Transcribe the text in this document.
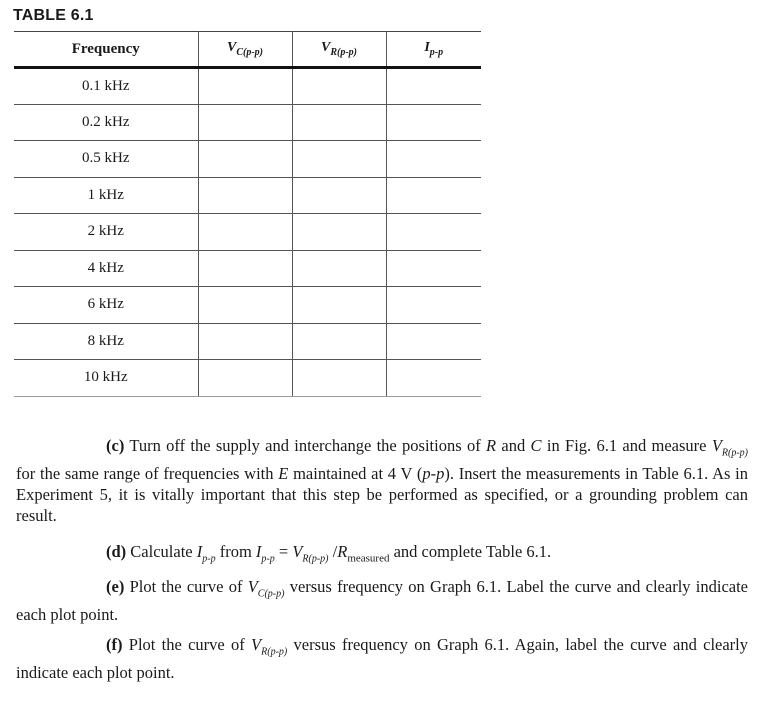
TABLE 6.1
Frequency	$V_{C(p-p)}$	$V_{R(p-p)}$	$I_{p-p}$
0.1 kHz			
0.2 kHz			
0.5 kHz			
1 kHz			
2 kHz			
4 kHz			
6 kHz			
8 kHz			
10 kHz			

(c) Turn off the supply and interchange the positions of R and C in Fig. 6.1 and measure $V_{R(p-p)}$ for the same range of frequencies with E maintained at 4 V (p-p). Insert the measurements in Table 6.1. As in Experiment 5, it is vitally important that this step be performed as specified, or a grounding problem can result.

(d) Calculate $I_{p-p}$ from $I_{p-p} = V_{R(p-p)}$ $/R_{measured}$ and complete Table 6.1.

(e) Plot the curve of $V_{C(p-p)}$ versus frequency on Graph 6.1. Label the curve and clearly indicate each plot point.

(f) Plot the curve of $V_{R(p-p)}$ versus frequency on Graph 6.1. Again, label the curve and clearly indicate each plot point.
